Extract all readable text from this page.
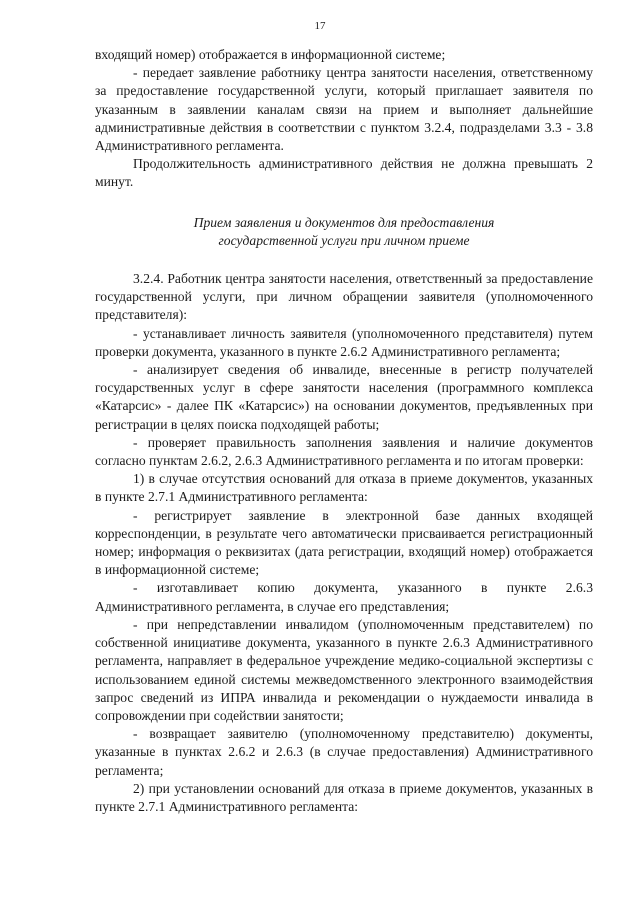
17

входящий номер) отображается в информационной системе;

- передает заявление работнику центра занятости населения, ответственному за предоставление государственной услуги, который приглашает заявителя по указанным в заявлении каналам связи на прием и выполняет дальнейшие административные действия в соответствии с пунктом 3.2.4, подразделами 3.3 - 3.8 Административного регламента.

Продолжительность административного действия не должна превышать 2 минут.

Прием заявления и документов для предоставления
государственной услуги при личном приеме

3.2.4. Работник центра занятости населения, ответственный за предоставление государственной услуги, при личном обращении заявителя (уполномоченного представителя):

- устанавливает личность заявителя (уполномоченного представителя) путем проверки документа, указанного в пункте 2.6.2 Административного регламента;

- анализирует сведения об инвалиде, внесенные в регистр получателей государственных услуг в сфере занятости населения (программного комплекса «Катарсис» - далее ПК «Катарсис») на основании документов, предъявленных при регистрации в целях поиска подходящей работы;

- проверяет правильность заполнения заявления и наличие документов согласно пунктам 2.6.2, 2.6.3 Административного регламента и по итогам проверки:

1) в случае отсутствия оснований для отказа в приеме документов, указанных в пункте 2.7.1 Административного регламента:

- регистрирует заявление в электронной базе данных входящей корреспонденции, в результате чего автоматически присваивается регистрационный номер; информация о реквизитах (дата регистрации, входящий номер) отображается в информационной системе;

- изготавливает копию документа, указанного в пункте 2.6.3 Административного регламента, в случае его представления;

- при непредставлении инвалидом (уполномоченным представителем) по собственной инициативе документа, указанного в пункте 2.6.3 Административного регламента, направляет в федеральное учреждение медико-социальной экспертизы с использованием единой системы межведомственного электронного взаимодействия запрос сведений из ИПРА инвалида и рекомендации о нуждаемости инвалида в сопровождении при содействии занятости;

- возвращает заявителю (уполномоченному представителю) документы, указанные в пунктах 2.6.2 и 2.6.3 (в случае предоставления) Административного регламента;

2) при установлении оснований для отказа в приеме документов, указанных в пункте 2.7.1 Административного регламента:
